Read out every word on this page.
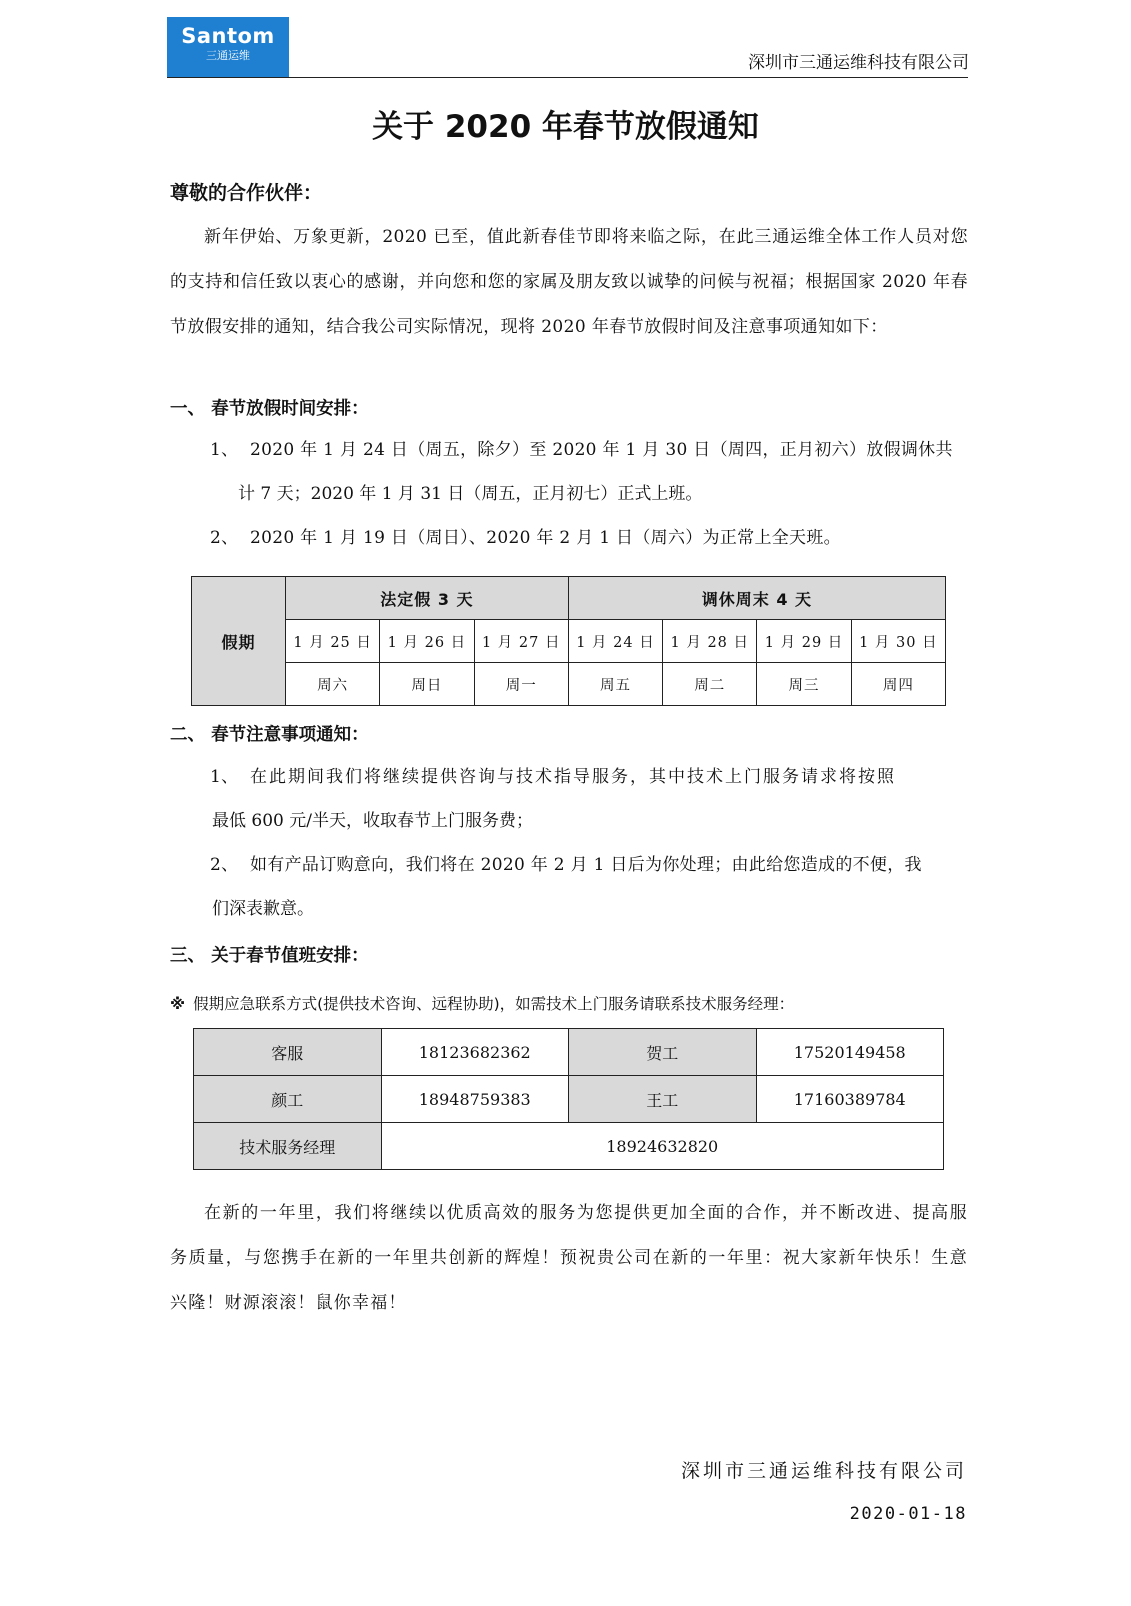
Santom
三通运维	深圳市三通运维科技有限公司
关于 2020 年春节放假通知
尊敬的合作伙伴：
新年伊始、万象更新，2020 已至，值此新春佳节即将来临之际，在此三通运维全体工作人员对您的支持和信任致以衷心的感谢，并向您和您的家属及朋友致以诚挚的问候与祝福；根据国家 2020 年春节放假安排的通知，结合我公司实际情况，现将 2020 年春节放假时间及注意事项通知如下：
一、 春节放假时间安排：
1、 2020 年 1 月 24 日（周五，除夕）至 2020 年 1 月 30 日（周四，正月初六）放假调休共
计 7 天；2020 年 1 月 31 日（周五，正月初七）正式上班。
2、 2020 年 1 月 19 日（周日）、2020 年 2 月 1 日（周六）为正常上全天班。
假期	法定假 3 天			调休周末 4 天			
	1 月 25 日	1 月 26 日	1 月 27 日	1 月 24 日	1 月 28 日	1 月 29 日	1 月 30 日
	周六	周日	周一	周五	周二	周三	周四
二、 春节注意事项通知：
1、 在此期间我们将继续提供咨询与技术指导服务，其中技术上门服务请求将按照
最低 600 元/半天，收取春节上门服务费；
2、 如有产品订购意向，我们将在 2020 年 2 月 1 日后为你处理；由此给您造成的不便，我
们深表歉意。
三、 关于春节值班安排：
※ 假期应急联系方式(提供技术咨询、远程协助)，如需技术上门服务请联系技术服务经理：
客服	18123682362	贺工	17520149458
颜工	18948759383	王工	17160389784
技术服务经理	18924632820		
在新的一年里，我们将继续以优质高效的服务为您提供更加全面的合作，并不断改进、提高服务质量，与您携手在新的一年里共创新的辉煌！预祝贵公司在新的一年里：祝大家新年快乐！生意兴隆！财源滚滚！鼠你幸福！
深圳市三通运维科技有限公司
2020-01-18
